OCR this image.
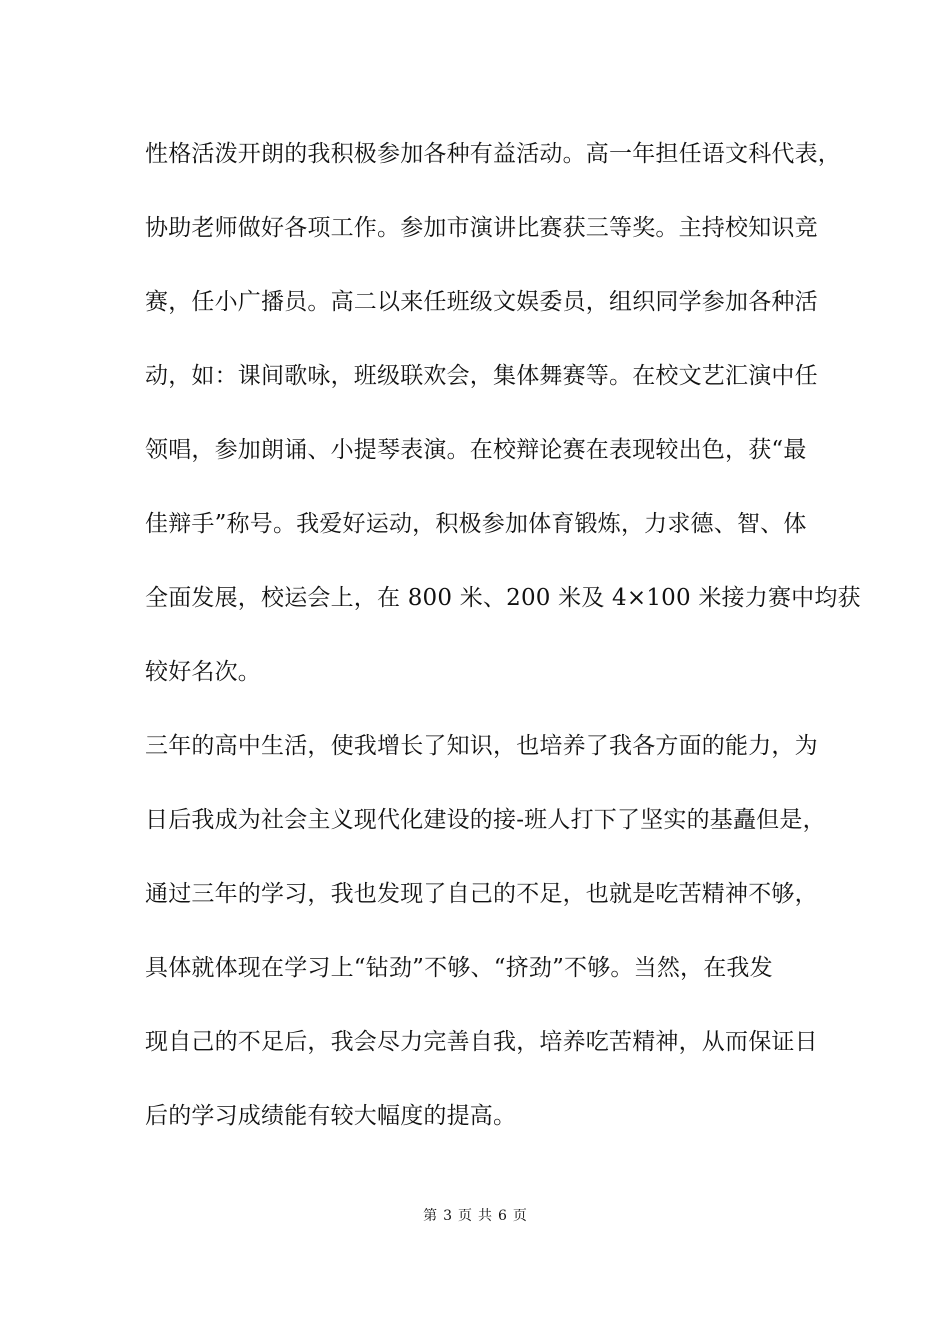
性格活泼开朗的我积极参加各种有益活动。高一年担任语文科代表，
协助老师做好各项工作。参加市演讲比赛获三等奖。主持校知识竞
赛，任小广播员。高二以来任班级文娱委员，组织同学参加各种活
动，如：课间歌咏，班级联欢会，集体舞赛等。在校文艺汇演中任
领唱，参加朗诵、小提琴表演。在校辩论赛在表现较出色，获“最
佳辩手”称号。我爱好运动，积极参加体育锻炼，力求德、智、体
全面发展，校运会上，在 800 米、200 米及 4×100 米接力赛中均获
较好名次。
三年的高中生活，使我增长了知识，也培养了我各方面的能力，为
日后我成为社会主义现代化建设的接-班人打下了坚实的基矗但是，
通过三年的学习，我也发现了自己的不足，也就是吃苦精神不够，
具体就体现在学习上“钻劲”不够、“挤劲”不够。当然，在我发
现自己的不足后，我会尽力完善自我，培养吃苦精神，从而保证日
后的学习成绩能有较大幅度的提高。
第 3 页 共 6 页
